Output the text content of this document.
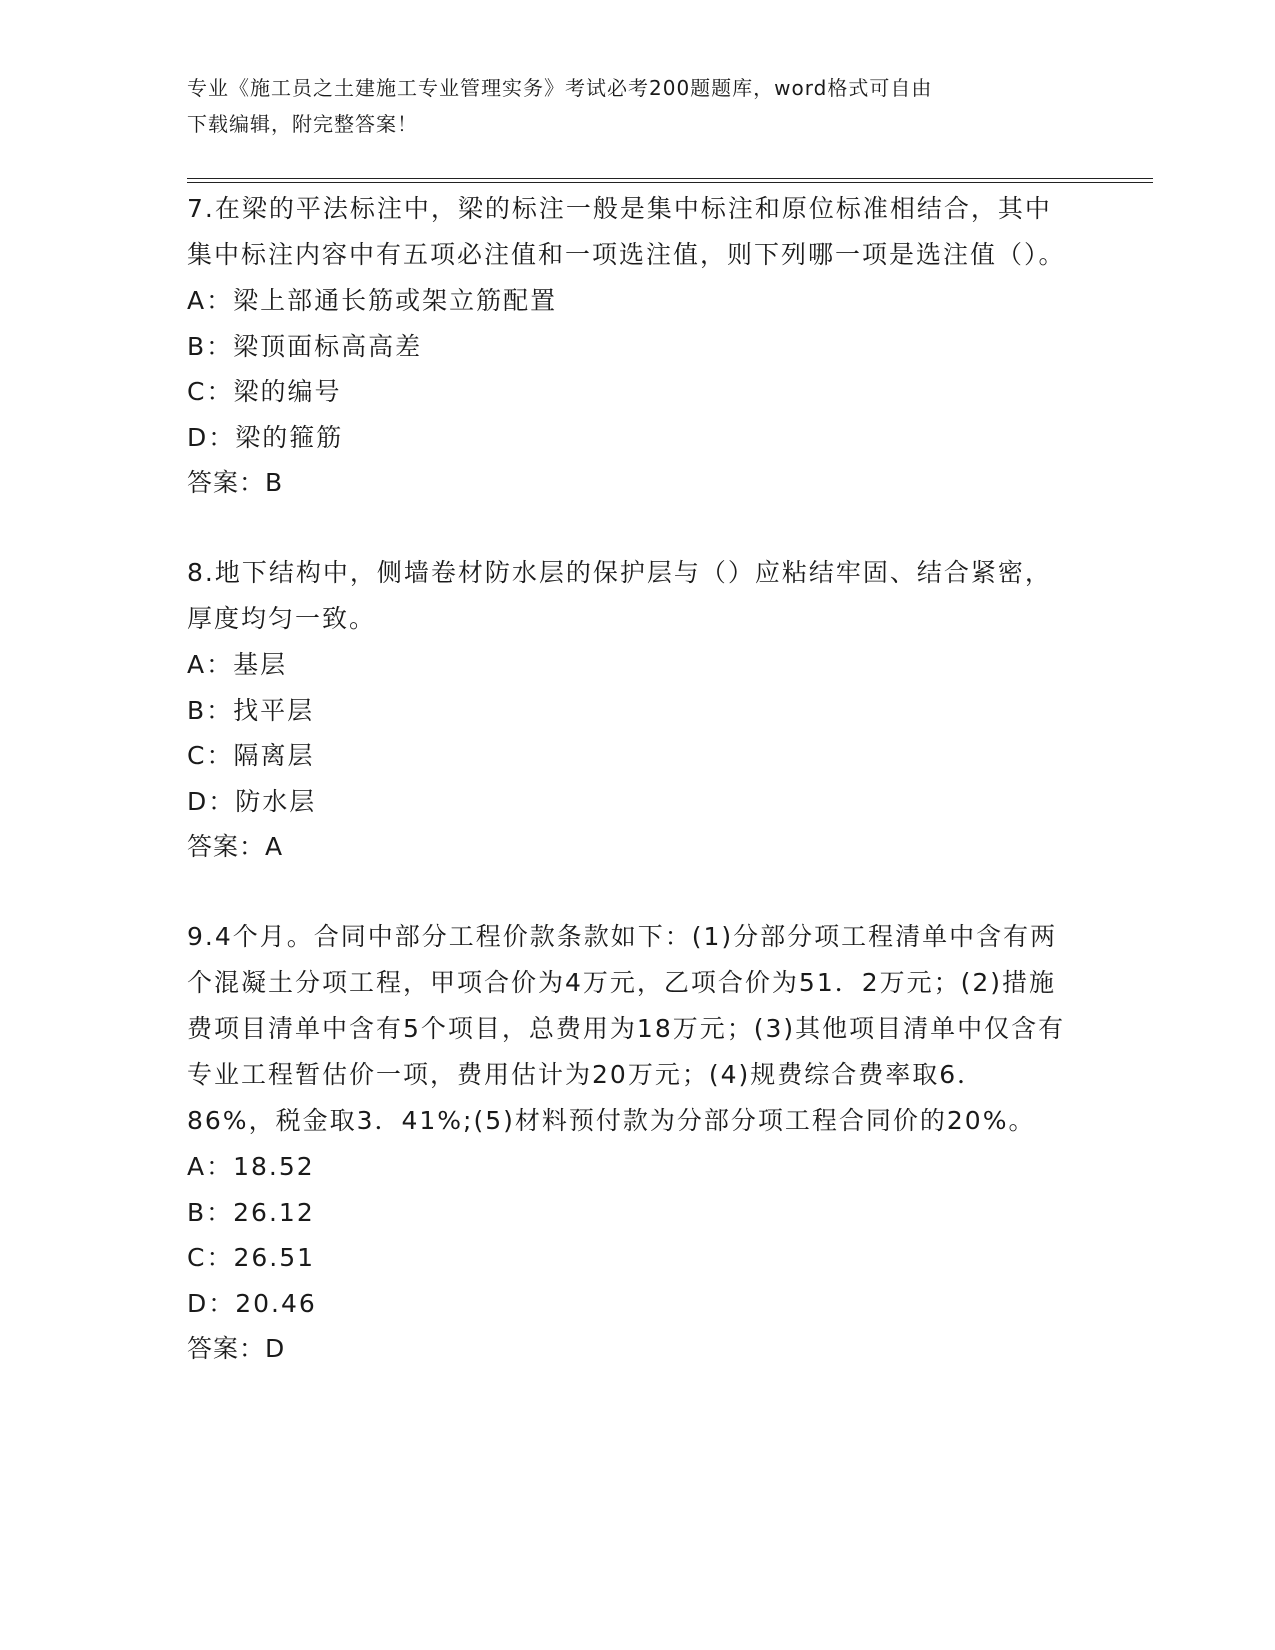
专业《施工员之土建施工专业管理实务》考试必考200题题库，word格式可自由
下载编辑，附完整答案！
7.在梁的平法标注中，梁的标注一般是集中标注和原位标准相结合，其中集中标注内容中有五项必注值和一项选注值，则下列哪一项是选注值（）。
A：梁上部通长筋或架立筋配置
B：梁顶面标高高差
C：梁的编号
D：梁的箍筋
答案：B
8.地下结构中，侧墙卷材防水层的保护层与（）应粘结牢固、结合紧密，厚度均匀一致。
A：基层
B：找平层
C：隔离层
D：防水层
答案：A
9.4个月。合同中部分工程价款条款如下：(1)分部分项工程清单中含有两个混凝土分项工程，甲项合价为4万元，乙项合价为51．2万元；(2)措施费项目清单中含有5个项目，总费用为18万元；(3)其他项目清单中仅含有专业工程暂估价一项，费用估计为20万元；(4)规费综合费率取6．86%，税金取3．41%;(5)材料预付款为分部分项工程合同价的20%。
A：18.52
B：26.12
C：26.51
D：20.46
答案：D
